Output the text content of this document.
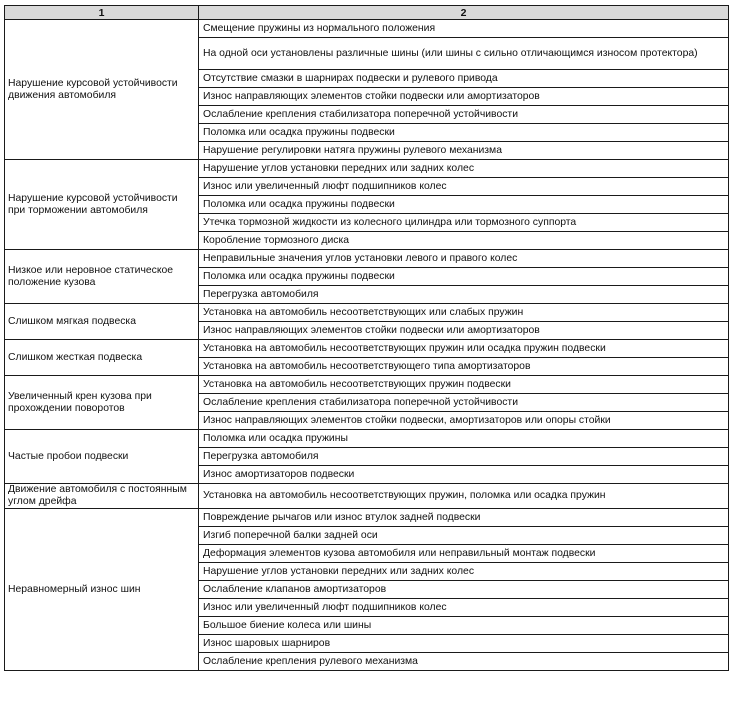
1	2
Нарушение курсовой устойчивости движения автомобиля	Смещение пружины из нормального положения
	На одной оси установлены различные шины (или шины с сильно отличающимся износом протектора)
	Отсутствие смазки в шарнирах подвески и рулевого привода
	Износ направляющих элементов стойки подвески или амортизаторов
	Ослабление крепления стабилизатора поперечной устойчивости
	Поломка или осадка пружины подвески
	Нарушение регулировки натяга пружины рулевого механизма
Нарушение курсовой устойчивости при торможении автомобиля	Нарушение углов установки передних или задних колес
	Износ или увеличенный люфт подшипников колес
	Поломка или осадка пружины подвески
	Утечка тормозной жидкости из колесного цилиндра или тормозного суппорта
	Коробление тормозного диска
Низкое или неровное статическое положение кузова	Неправильные значения углов установки левого и правого колес
	Поломка или осадка пружины подвески
	Перегрузка автомобиля
Слишком мягкая подвеска	Установка на автомобиль несоответствующих или слабых пружин
	Износ направляющих элементов стойки подвески или амортизаторов
Слишком жесткая подвеска	Установка на автомобиль несоответствующих пружин или осадка пружин подвески
	Установка на автомобиль несоответствующего типа амортизаторов
Увеличенный крен кузова при прохождении поворотов	Установка на автомобиль несоответствующих пружин подвески
	Ослабление крепления стабилизатора поперечной устойчивости
	Износ направляющих элементов стойки подвески, амортизаторов или опоры стойки
Частые пробои подвески	Поломка или осадка пружины
	Перегрузка автомобиля
	Износ амортизаторов подвески
Движение автомобиля с постоянным углом дрейфа	Установка на автомобиль несоответствующих пружин, поломка или осадка пружин
Неравномерный износ шин	Повреждение рычагов или износ втулок задней подвески
	Изгиб поперечной балки задней оси
	Деформация элементов кузова автомобиля или неправильный монтаж подвески
	Нарушение углов установки передних или задних колес
	Ослабление клапанов амортизаторов
	Износ или увеличенный люфт подшипников колес
	Большое биение колеса или шины
	Износ шаровых шарниров
	Ослабление крепления рулевого механизма
